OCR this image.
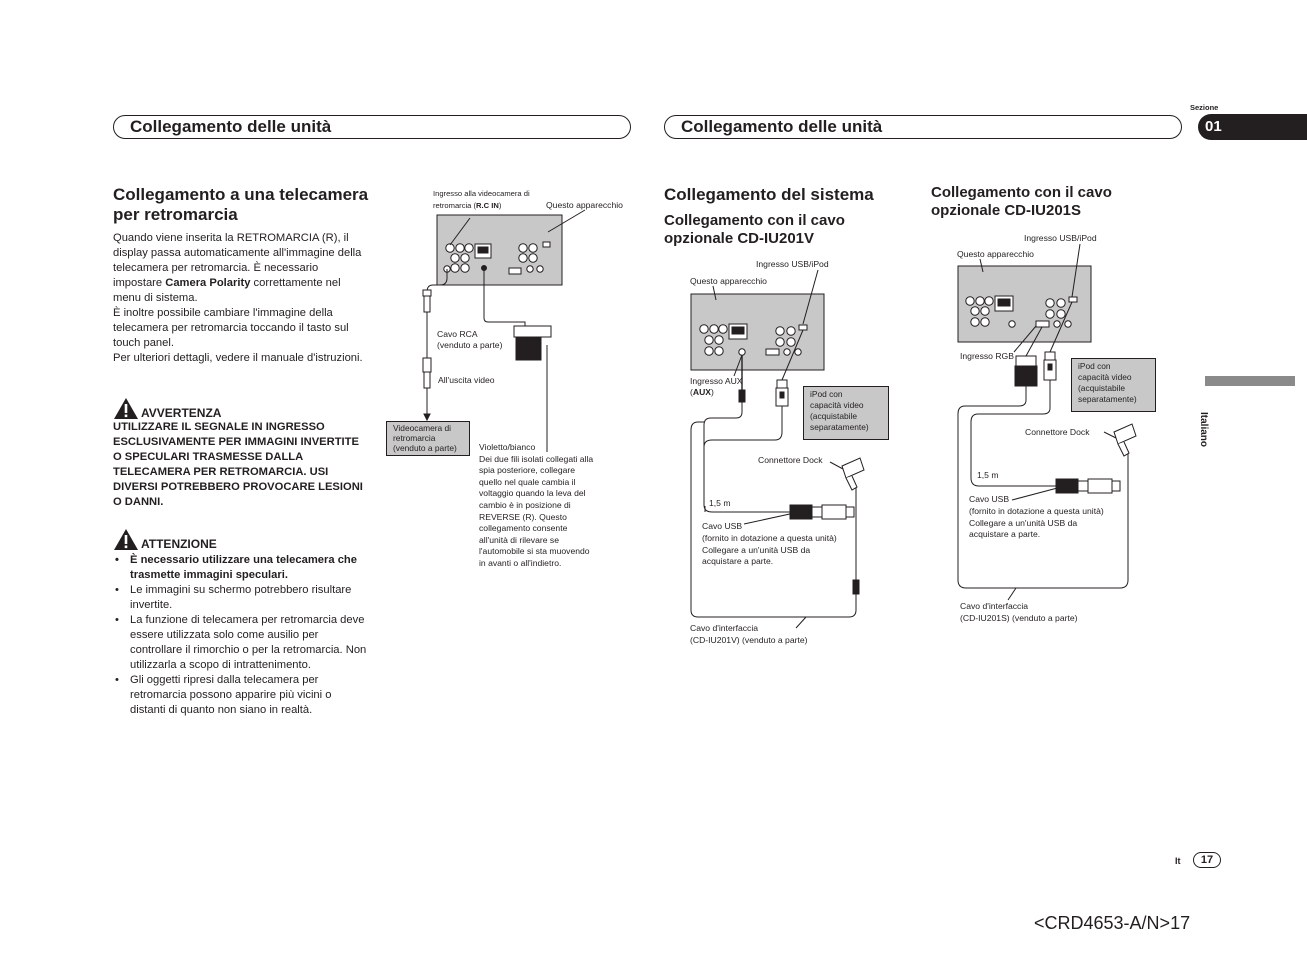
Collegamento delle unità	Collegamento delle unità
Sezione
01
Collegamento a una telecamera per retromarcia

Quando viene inserita la RETROMARCIA (R), il display passa automaticamente all'immagine della telecamera per retromarcia. È necessario impostare Camera Polarity correttamente nel menu di sistema.

È inoltre possibile cambiare l'immagine della telecamera per retromarcia toccando il tasto sul touch panel.

Per ulteriori dettagli, vedere il manuale d'istruzioni.

AVVERTENZA
UTILIZZARE IL SEGNALE IN INGRESSO ESCLUSIVAMENTE PER IMMAGINI INVERTITE O SPECULARI TRASMESSE DALLA TELECAMERA PER RETROMARCIA. USI DIVERSI POTREBBERO PROVOCARE LESIONI O DANNI.
ATTENZIONE
• È necessario utilizzare una telecamera che trasmette immagini speculari.
• Le immagini su schermo potrebbero risultare invertite.
• La funzione di telecamera per retromarcia deve essere utilizzata solo come ausilio per controllare il rimorchio o per la retromarcia. Non utilizzarla a scopo di intrattenimento.
• Gli oggetti ripresi dalla telecamera per retromarcia possono apparire più vicini o distanti di quanto non siano in realtà.
Collegamento del sistema
Collegamento con il cavo opzionale CD-IU201V
Collegamento con il cavo opzionale CD-IU201S
Ingresso alla videocamera di
retromarcia (R.C IN)	Questo apparecchio
Cavo RCA
(venduto a parte)
All'uscita video
Videocamera di
retromarcia
(venduto a parte)	Violetto/bianco
Dei due fili isolati collegati alla
spia posteriore, collegare
quello nel quale cambia il
voltaggio quando la leva del
cambio è in posizione di
REVERSE (R). Questo
collegamento consente
all'unità di rilevare se
l'automobile si sta muovendo
in avanti o all'indietro.
Ingresso USB/iPod
Questo apparecchio
Ingresso AUX
(AUX)	iPod con
capacità video
(acquistabile
separatamente)
Connettore Dock
1,5 m
Cavo USB
(fornito in dotazione a questa unità)
Collegare a un'unità USB da
acquistare a parte.
Cavo d'interfaccia
(CD-IU201V) (venduto a parte)
Ingresso USB/iPod
Questo apparecchio
Ingresso RGB
iPod con
capacità video
(acquistabile
separatamente)
Connettore Dock
1,5 m
Cavo USB
(fornito in dotazione a questa unità)
Collegare a un'unità USB da
acquistare a parte.
Cavo d'interfaccia
(CD-IU201S) (venduto a parte)
Italiano
It	17
<CRD4653-A/N>17
